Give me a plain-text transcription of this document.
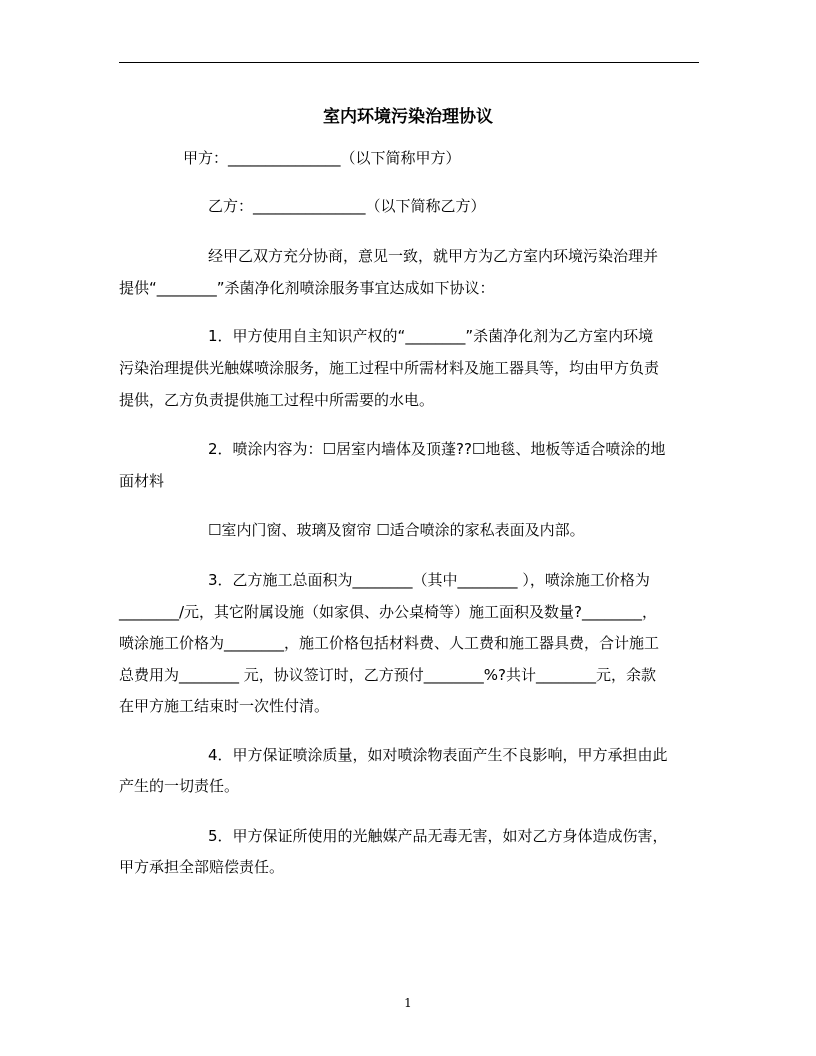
室内环境污染治理协议
甲方：_______________（以下简称甲方）
乙方：_______________（以下简称乙方）
经甲乙双方充分协商，意见一致，就甲方为乙方室内环境污染治理并
提供“________”杀菌净化剂喷涂服务事宜达成如下协议：
1．甲方使用自主知识产权的“________”杀菌净化剂为乙方室内环境
污染治理提供光触媒喷涂服务，施工过程中所需材料及施工器具等，均由甲方负责
提供，乙方负责提供施工过程中所需要的水电。
2．喷涂内容为：☐居室内墙体及顶蓬??☐地毯、地板等适合喷涂的地
面材料
☐室内门窗、玻璃及窗帘 ☐适合喷涂的家私表面及内部。
3．乙方施工总面积为________（其中________ ），喷涂施工价格为
________/元，其它附属设施（如家俱、办公桌椅等）施工面积及数量?________，
喷涂施工价格为________，施工价格包括材料费、人工费和施工器具费，合计施工
总费用为________ 元，协议签订时，乙方预付________%?共计________元，余款
在甲方施工结束时一次性付清。
4．甲方保证喷涂质量，如对喷涂物表面产生不良影响，甲方承担由此
产生的一切责任。
5．甲方保证所使用的光触媒产品无毒无害，如对乙方身体造成伤害，
甲方承担全部赔偿责任。
1
